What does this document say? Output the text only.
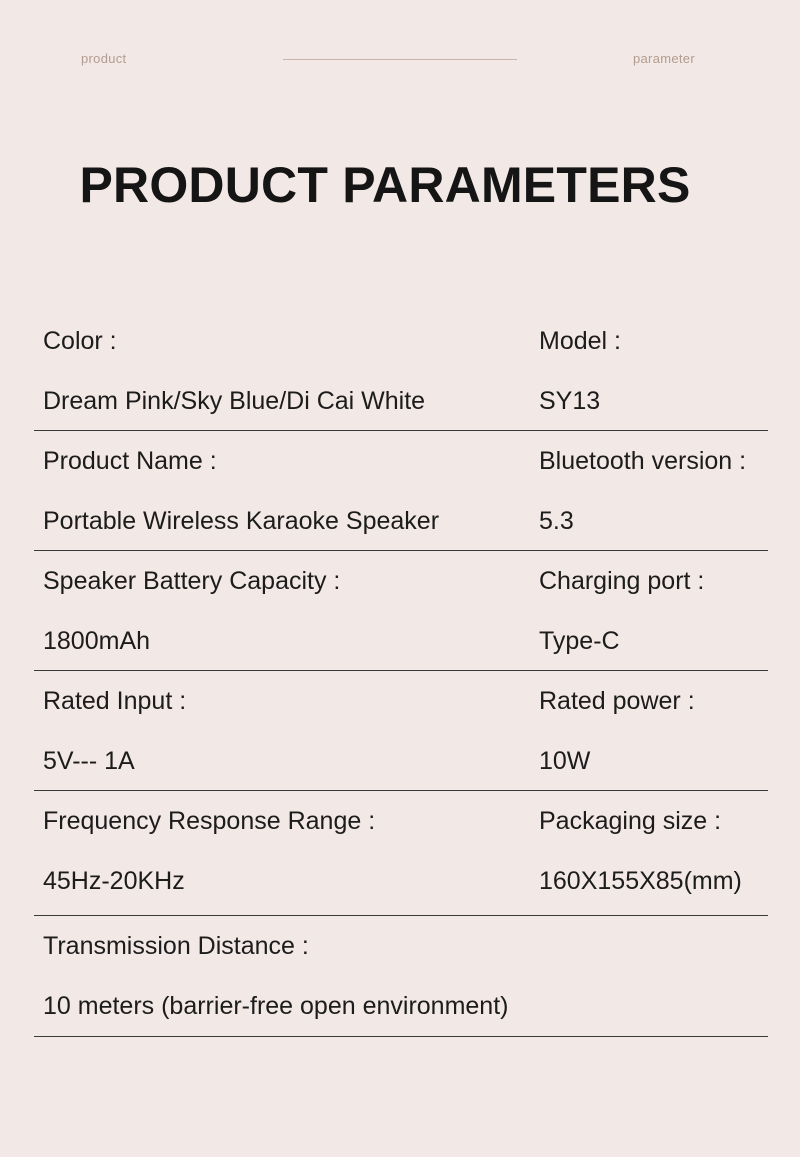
product	parameter
PRODUCT PARAMETERS
Color :
Dream Pink/Sky Blue/Di Cai White
Model :
SY13
Product Name :
Portable Wireless Karaoke Speaker
Bluetooth version :
5.3
Speaker Battery Capacity :
1800mAh
Charging port :
Type-C
Rated Input :
5V--- 1A
Rated power :
10W
Frequency Response Range :
45Hz-20KHz
Packaging size :
160X155X85(mm)
Transmission Distance :
10 meters (barrier-free open environment)
